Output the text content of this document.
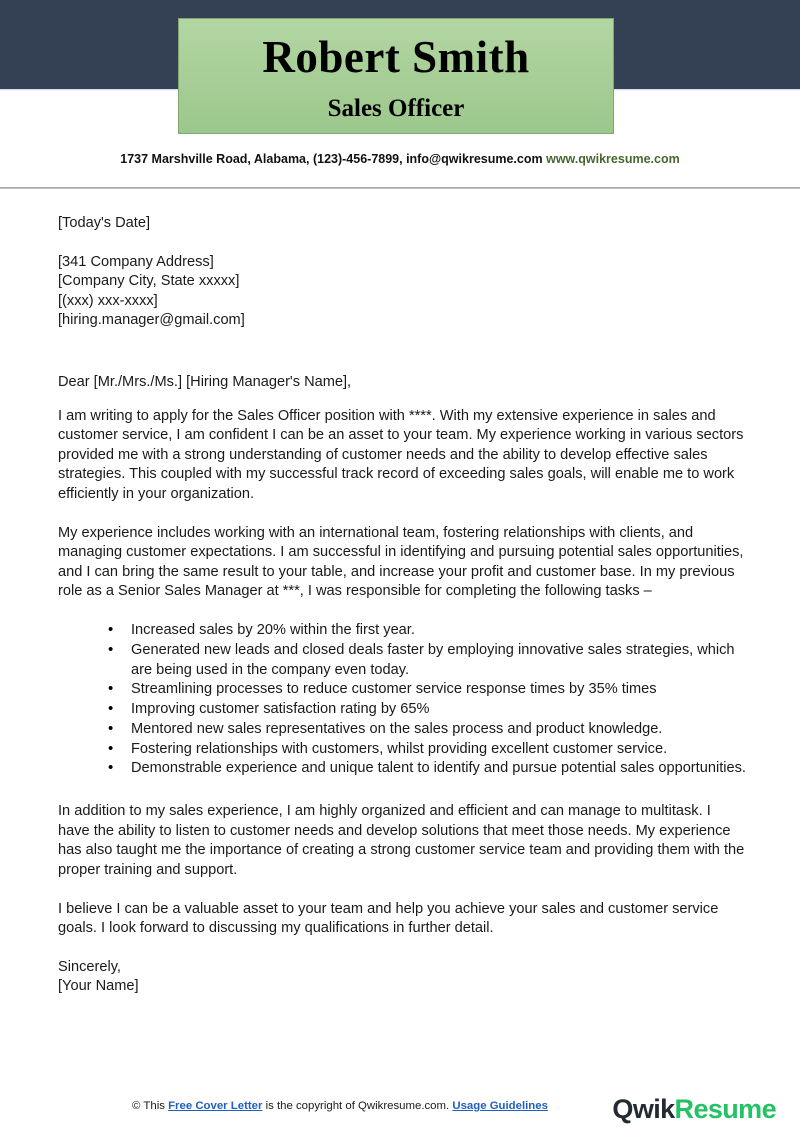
Robert Smith
Sales Officer
1737 Marshville Road, Alabama, (123)-456-7899, info@qwikresume.com www.qwikresume.com
[Today's Date]
[341 Company Address]
[Company City, State xxxxx]
[(xxx) xxx-xxxx]
[hiring.manager@gmail.com]

Dear [Mr./Mrs./Ms.] [Hiring Manager's Name],

I am writing to apply for the Sales Officer position with ****. With my extensive experience in sales and customer service, I am confident I can be an asset to your team. My experience working in various sectors provided me with a strong understanding of customer needs and the ability to develop effective sales strategies. This coupled with my successful track record of exceeding sales goals, will enable me to work efficiently in your organization.

My experience includes working with an international team, fostering relationships with clients, and managing customer expectations. I am successful in identifying and pursuing potential sales opportunities, and I can bring the same result to your table, and increase your profit and customer base. In my previous role as a Senior Sales Manager at ***, I was responsible for completing the following tasks –

• Increased sales by 20% within the first year.
• Generated new leads and closed deals faster by employing innovative sales strategies, which are being used in the company even today.
• Streamlining processes to reduce customer service response times by 35% times
• Improving customer satisfaction rating by 65%
• Mentored new sales representatives on the sales process and product knowledge.
• Fostering relationships with customers, whilst providing excellent customer service.
• Demonstrable experience and unique talent to identify and pursue potential sales opportunities.

In addition to my sales experience, I am highly organized and efficient and can manage to multitask. I have the ability to listen to customer needs and develop solutions that meet those needs. My experience has also taught me the importance of creating a strong customer service team and providing them with the proper training and support.

I believe I can be a valuable asset to your team and help you achieve your sales and customer service goals. I look forward to discussing my qualifications in further detail.

Sincerely,
[Your Name]
© This Free Cover Letter is the copyright of Qwikresume.com. Usage Guidelines	QwikResume
